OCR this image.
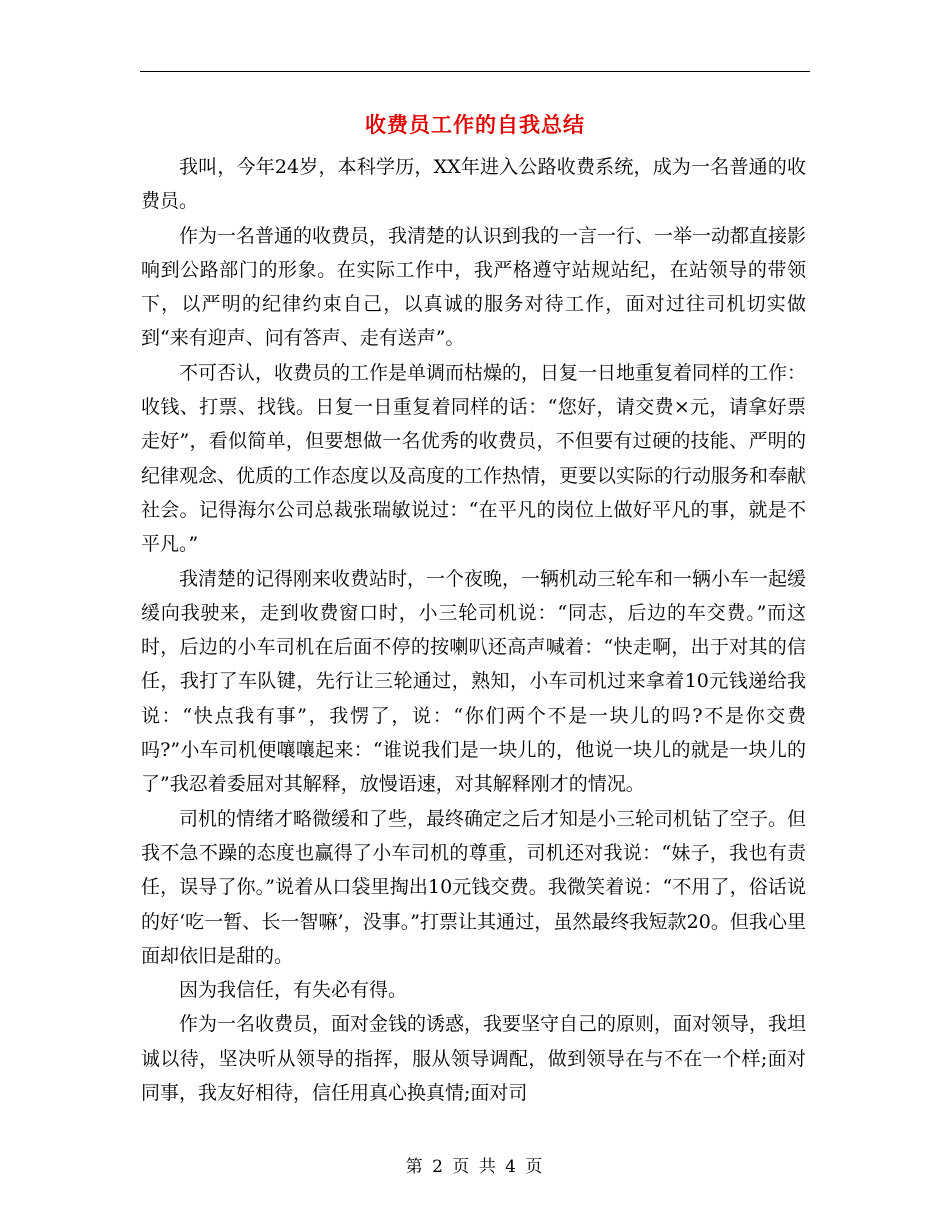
收费员工作的自我总结

我叫，今年24岁，本科学历，XX年进入公路收费系统，成为一名普通的收费员。

作为一名普通的收费员，我清楚的认识到我的一言一行、一举一动都直接影响到公路部门的形象。在实际工作中，我严格遵守站规站纪，在站领导的带领下，以严明的纪律约束自己，以真诚的服务对待工作，面对过往司机切实做到“来有迎声、问有答声、走有送声”。

不可否认，收费员的工作是单调而枯燥的，日复一日地重复着同样的工作：收钱、打票、找钱。日复一日重复着同样的话：“您好，请交费×元，请拿好票走好”，看似简单，但要想做一名优秀的收费员，不但要有过硬的技能、严明的纪律观念、优质的工作态度以及高度的工作热情，更要以实际的行动服务和奉献社会。记得海尔公司总裁张瑞敏说过：“在平凡的岗位上做好平凡的事，就是不平凡。”

我清楚的记得刚来收费站时，一个夜晚，一辆机动三轮车和一辆小车一起缓缓向我驶来，走到收费窗口时，小三轮司机说：“同志，后边的车交费。”而这时，后边的小车司机在后面不停的按喇叭还高声喊着：“快走啊，出于对其的信任，我打了车队键，先行让三轮通过，熟知，小车司机过来拿着10元钱递给我说：“快点我有事”，我愣了，说：“你们两个不是一块儿的吗?不是你交费吗?”小车司机便嚷嚷起来：“谁说我们是一块儿的，他说一块儿的就是一块儿的了”我忍着委屈对其解释，放慢语速，对其解释刚才的情况。

司机的情绪才略微缓和了些，最终确定之后才知是小三轮司机钻了空子。但我不急不躁的态度也赢得了小车司机的尊重，司机还对我说：“妹子，我也有责任，误导了你。”说着从口袋里掏出10元钱交费。我微笑着说：“不用了，俗话说的好‘吃一暂、长一智嘛’，没事。”打票让其通过，虽然最终我短款20。但我心里面却依旧是甜的。

因为我信任，有失必有得。

作为一名收费员，面对金钱的诱惑，我要坚守自己的原则，面对领导，我坦诚以待，坚决听从领导的指挥，服从领导调配，做到领导在与不在一个样;面对同事，我友好相待，信任用真心换真情;面对司

第 2 页 共 4 页
